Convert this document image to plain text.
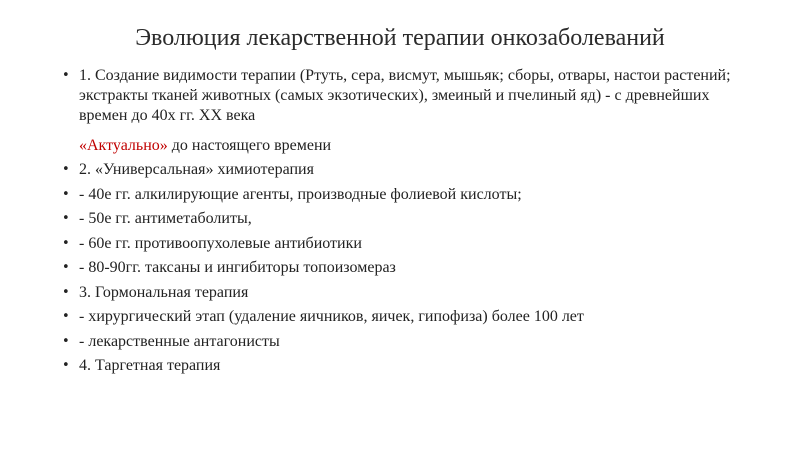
Эволюция лекарственной терапии онкозаболеваний
• 1. Создание видимости терапии (Ртуть, сера, висмут, мышьяк; сборы, отвары, настои растений; экстракты тканей животных (самых экзотических), змеиный и пчелиный яд) - с древнейших времен до 40х гг. XX века
«Актуально» до настоящего времени
• 2. «Универсальная» химиотерапия
• - 40е гг. алкилирующие агенты, производные фолиевой кислоты;
• - 50е гг. антиметаболиты,
• - 60е гг. противоопухолевые антибиотики
• - 80-90гг. таксаны и ингибиторы топоизомераз
• 3. Гормональная терапия
• - хирургический этап (удаление яичников, яичек, гипофиза) более 100 лет
• - лекарственные антагонисты
• 4. Таргетная терапия
